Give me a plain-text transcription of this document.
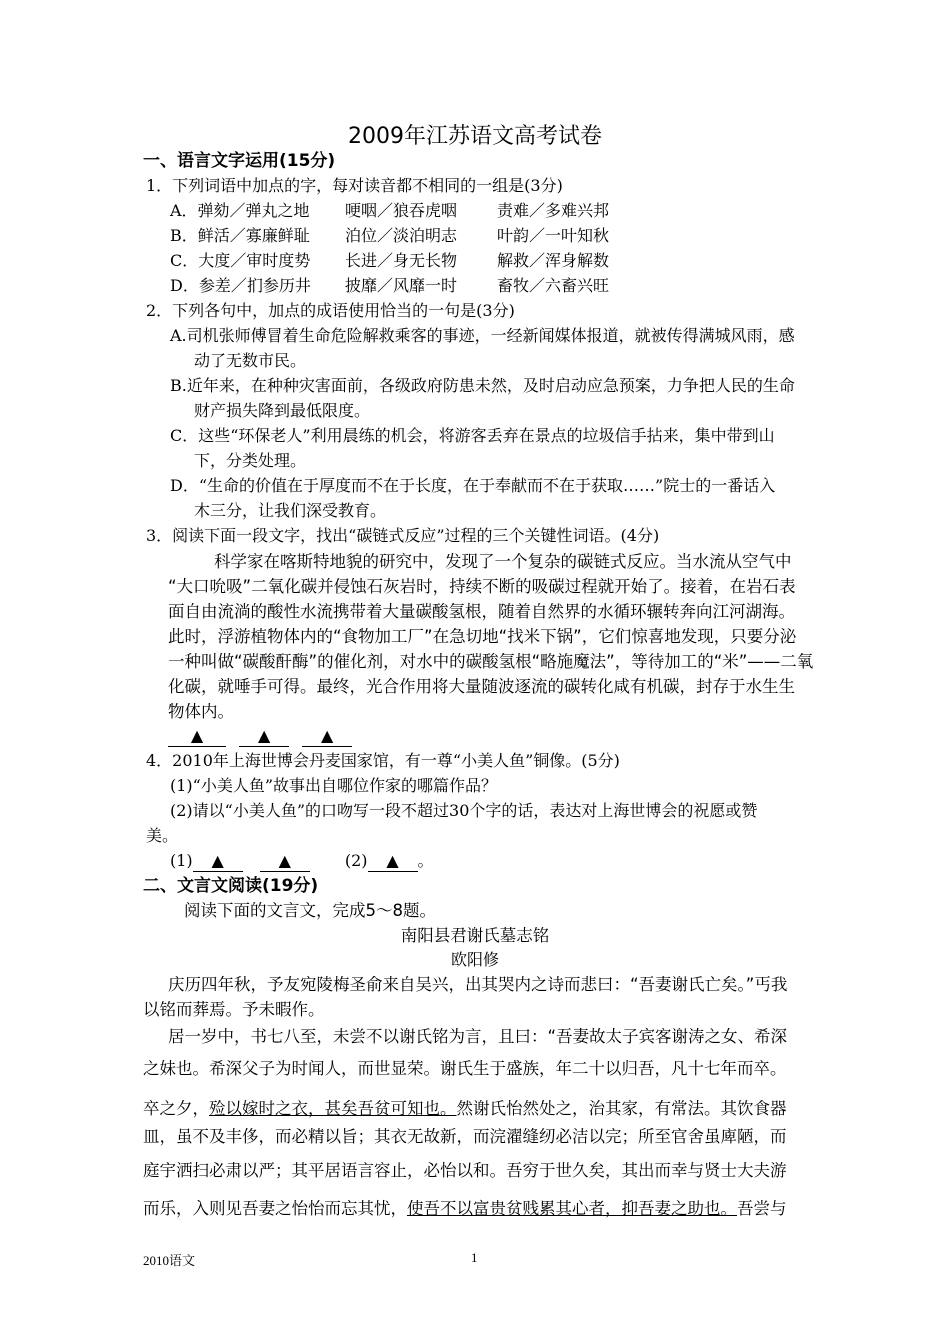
2009年江苏语文高考试卷
一、语言文字运用(15分)
1．下列词语中加点的字，每对读音都不相同的一组是(3分)
A．弹劾／弹丸之地 哽咽／狼吞虎咽 责难／多难兴邦
B．鲜活／寡廉鲜耻 泊位／淡泊明志 叶韵／一叶知秋
C．大度／审时度势 长进／身无长物 解救／浑身解数
D．参差／扪参历井 披靡／风靡一时 畜牧／六畜兴旺
2．下列各句中，加点的成语使用恰当的一句是(3分)
A.司机张师傅冒着生命危险解救乘客的事迹，一经新闻媒体报道，就被传得满城风雨，感
动了无数市民。
B.近年来，在种种灾害面前，各级政府防患未然，及时启动应急预案，力争把人民的生命
财产损失降到最低限度。
C．这些“环保老人”利用晨练的机会，将游客丢弃在景点的垃圾信手拈来，集中带到山
下，分类处理。
D．“生命的价值在于厚度而不在于长度，在于奉献而不在于获取……”院士的一番话入
木三分，让我们深受教育。
3．阅读下面一段文字，找出“碳链式反应”过程的三个关键性词语。(4分)
科学家在喀斯特地貌的研究中，发现了一个复杂的碳链式反应。当水流从空气中
“大口吮吸”二氧化碳并侵蚀石灰岩时，持续不断的吸碳过程就开始了。接着，在岩石表
面自由流淌的酸性水流携带着大量碳酸氢根，随着自然界的水循环辗转奔向江河湖海。
此时，浮游植物体内的“食物加工厂”在急切地“找米下锅”，它们惊喜地发现，只要分泌
一种叫做“碳酸酐酶”的催化剂，对水中的碳酸氢根“略施魔法”，等待加工的“米”——二氧
化碳，就唾手可得。最终，光合作用将大量随波逐流的碳转化咸有机碳，封存于水生生
物体内。
▲	▲	▲
4．2010年上海世博会丹麦国家馆，有一尊“小美人鱼”铜像。(5分)
(1)“小美人鱼”故事出自哪位作家的哪篇作品？
(2)请以“小美人鱼”的口吻写一段不超过30个字的话，表达对上海世博会的祝愿或赞
美。
(1) ▲	▲	(2) ▲ 。
二、文言文阅读(19分)
阅读下面的文言文，完成5～8题。
南阳县君谢氏墓志铭
欧阳修
庆历四年秋，予友宛陵梅圣俞来自吴兴，出其哭内之诗而悲曰：“吾妻谢氏亡矣。”丐我
以铭而葬焉。予未暇作。
居一岁中，书七八至，未尝不以谢氏铭为言，且曰：“吾妻故太子宾客谢涛之女、希深
之妹也。希深父子为时闻人，而世显荣。谢氏生于盛族，年二十以归吾，凡十七年而卒。
卒之夕，殓以嫁时之衣，甚矣吾贫可知也。然谢氏怡然处之，治其家，有常法。其饮食器
皿，虽不及丰侈，而必精以旨；其衣无故新，而浣濯缝纫必洁以完；所至官舍虽庳陋，而
庭宇洒扫必肃以严；其平居语言容止，必怡以和。吾穷于世久矣，其出而幸与贤士大夫游
而乐，入则见吾妻之怡怡而忘其忧，使吾不以富贵贫贱累其心者，抑吾妻之助也。吾尝与
2010语文	1
